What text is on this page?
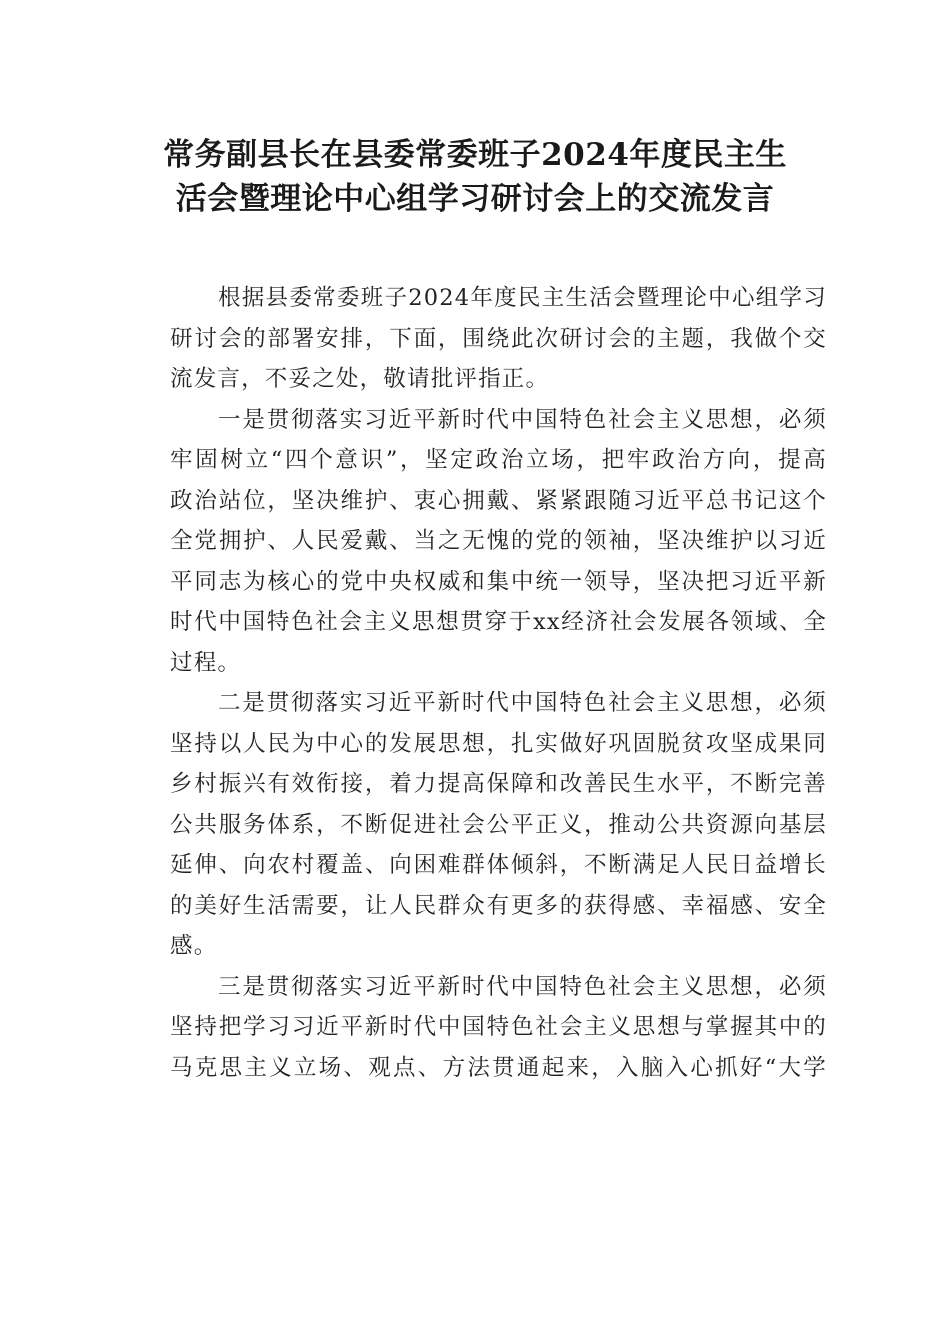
常务副县长在县委常委班子2024年度民主生
活会暨理论中心组学习研讨会上的交流发言
根据县委常委班子2024年度民主生活会暨理论中心组学习
研讨会的部署安排，下面，围绕此次研讨会的主题，我做个交
流发言，不妥之处，敬请批评指正。
一是贯彻落实习近平新时代中国特色社会主义思想，必须
牢固树立“四个意识”，坚定政治立场，把牢政治方向，提高
政治站位，坚决维护、衷心拥戴、紧紧跟随习近平总书记这个
全党拥护、人民爱戴、当之无愧的党的领袖，坚决维护以习近
平同志为核心的党中央权威和集中统一领导，坚决把习近平新
时代中国特色社会主义思想贯穿于xx经济社会发展各领域、全
过程。
二是贯彻落实习近平新时代中国特色社会主义思想，必须
坚持以人民为中心的发展思想，扎实做好巩固脱贫攻坚成果同
乡村振兴有效衔接，着力提高保障和改善民生水平，不断完善
公共服务体系，不断促进社会公平正义，推动公共资源向基层
延伸、向农村覆盖、向困难群体倾斜，不断满足人民日益增长
的美好生活需要，让人民群众有更多的获得感、幸福感、安全
感。
三是贯彻落实习近平新时代中国特色社会主义思想，必须
坚持把学习习近平新时代中国特色社会主义思想与掌握其中的
马克思主义立场、观点、方法贯通起来，入脑入心抓好“大学
